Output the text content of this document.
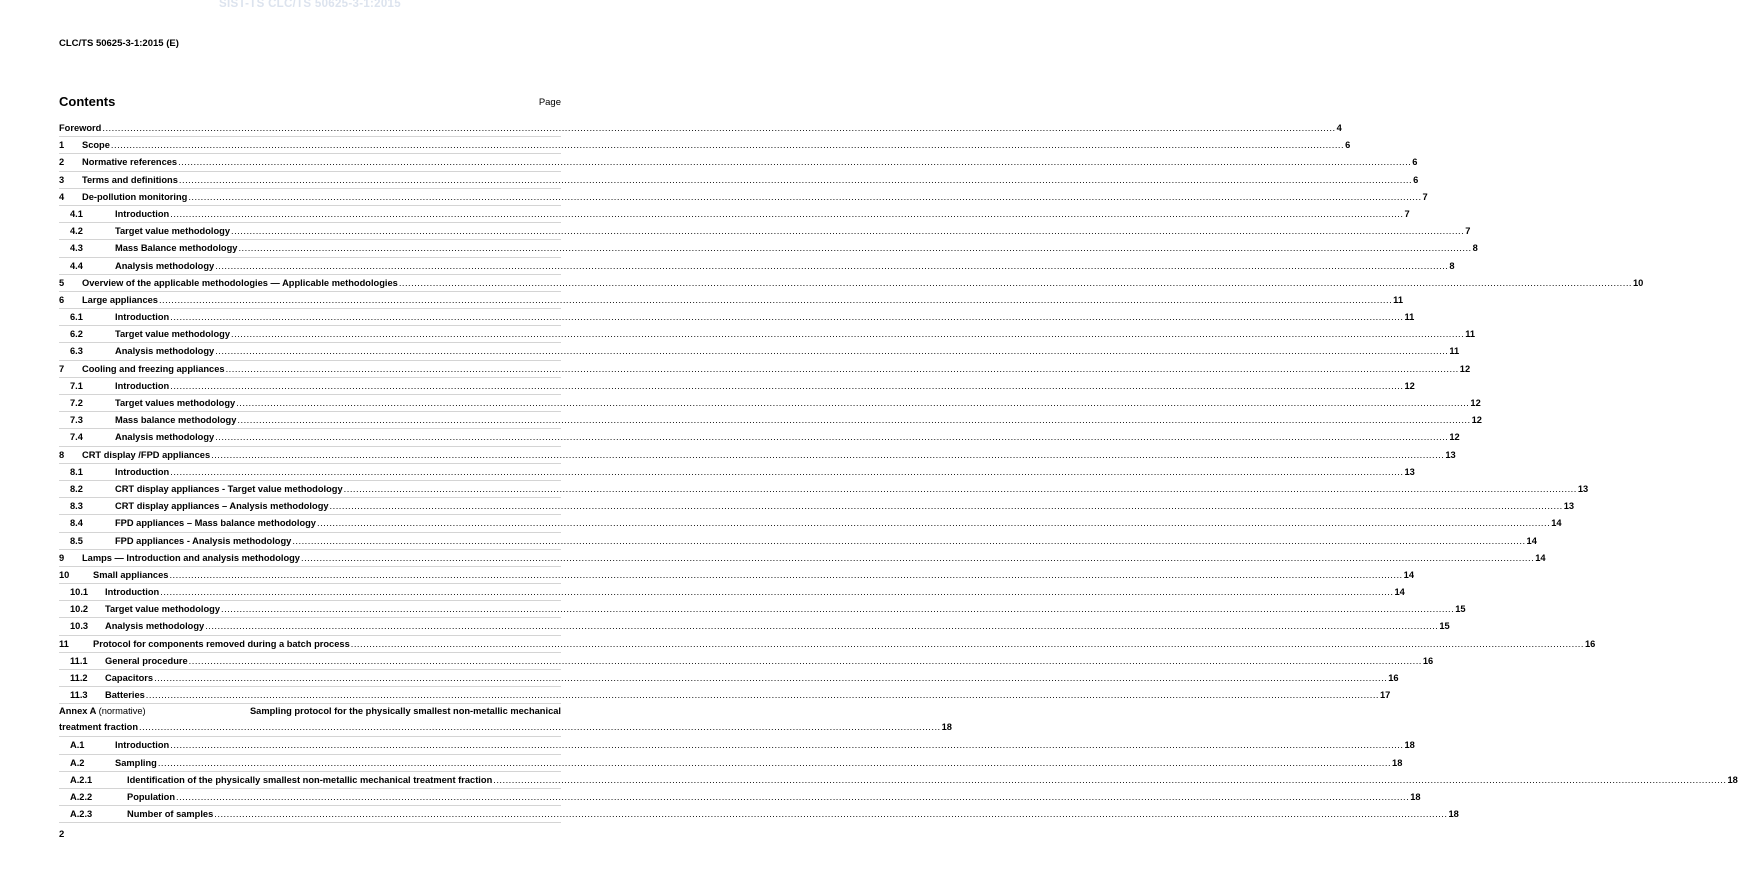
SIST-TS CLC/TS 50625-3-1:2015
CLC/TS 50625-3-1:2015 (E)
Contents	Page
Foreword ................................................................................................................................................................................................................................................................................................................................................................................................................ 4
1	Scope ................................................................................................................................................................................................................................................................................................................................................................................................................ 6
2	Normative references ................................................................................................................................................................................................................................................................................................................................................................................................................ 6
3	Terms and definitions ................................................................................................................................................................................................................................................................................................................................................................................................................ 6
4	De-pollution monitoring ................................................................................................................................................................................................................................................................................................................................................................................................................ 7
4.1	Introduction ................................................................................................................................................................................................................................................................................................................................................................................................................ 7
4.2	Target value methodology ................................................................................................................................................................................................................................................................................................................................................................................................................ 7
4.3	Mass Balance methodology ................................................................................................................................................................................................................................................................................................................................................................................................................ 8
4.4	Analysis methodology ................................................................................................................................................................................................................................................................................................................................................................................................................ 8
5	Overview of the applicable methodologies — Applicable methodologies ................................................................................................................................................................................................................................................................................................................................................................................................................ 10
6	Large appliances ................................................................................................................................................................................................................................................................................................................................................................................................................ 11
6.1	Introduction ................................................................................................................................................................................................................................................................................................................................................................................................................ 11
6.2	Target value methodology ................................................................................................................................................................................................................................................................................................................................................................................................................ 11
6.3	Analysis methodology ................................................................................................................................................................................................................................................................................................................................................................................................................ 11
7	Cooling and freezing appliances ................................................................................................................................................................................................................................................................................................................................................................................................................ 12
7.1	Introduction ................................................................................................................................................................................................................................................................................................................................................................................................................ 12
7.2	Target values methodology ................................................................................................................................................................................................................................................................................................................................................................................................................ 12
7.3	Mass balance methodology ................................................................................................................................................................................................................................................................................................................................................................................................................ 12
7.4	Analysis methodology ................................................................................................................................................................................................................................................................................................................................................................................................................ 12
8	CRT display /FPD appliances ................................................................................................................................................................................................................................................................................................................................................................................................................ 13
8.1	Introduction ................................................................................................................................................................................................................................................................................................................................................................................................................ 13
8.2	CRT display appliances - Target value methodology ................................................................................................................................................................................................................................................................................................................................................................................................................ 13
8.3	CRT display appliances – Analysis methodology ................................................................................................................................................................................................................................................................................................................................................................................................................ 13
8.4	FPD appliances – Mass balance methodology ................................................................................................................................................................................................................................................................................................................................................................................................................ 14
8.5	FPD appliances - Analysis methodology ................................................................................................................................................................................................................................................................................................................................................................................................................ 14
9	Lamps — Introduction and analysis methodology ................................................................................................................................................................................................................................................................................................................................................................................................................ 14
10	Small appliances ................................................................................................................................................................................................................................................................................................................................................................................................................ 14
10.1	Introduction ................................................................................................................................................................................................................................................................................................................................................................................................................ 14
10.2	Target value methodology ................................................................................................................................................................................................................................................................................................................................................................................................................ 15
10.3	Analysis methodology ................................................................................................................................................................................................................................................................................................................................................................................................................ 15
11	Protocol for components removed during a batch process ................................................................................................................................................................................................................................................................................................................................................................................................................ 16
11.1	General procedure ................................................................................................................................................................................................................................................................................................................................................................................................................ 16
11.2	Capacitors ................................................................................................................................................................................................................................................................................................................................................................................................................ 16
11.3	Batteries ................................................................................................................................................................................................................................................................................................................................................................................................................ 17
Annex A (normative)	Sampling protocol for the physically smallest non-metallic mechanical
treatment fraction .................................................................................................................................................................................................................................................................... 18
A.1	Introduction ................................................................................................................................................................................................................................................................................................................................................................................................................ 18
A.2	Sampling ................................................................................................................................................................................................................................................................................................................................................................................................................ 18
A.2.1	Identification of the physically smallest non-metallic mechanical treatment fraction ................................................................................................................................................................................................................................................................................................................................................................................................................ 18
A.2.2	Population ................................................................................................................................................................................................................................................................................................................................................................................................................ 18
A.2.3	Number of samples ................................................................................................................................................................................................................................................................................................................................................................................................................ 18
2
